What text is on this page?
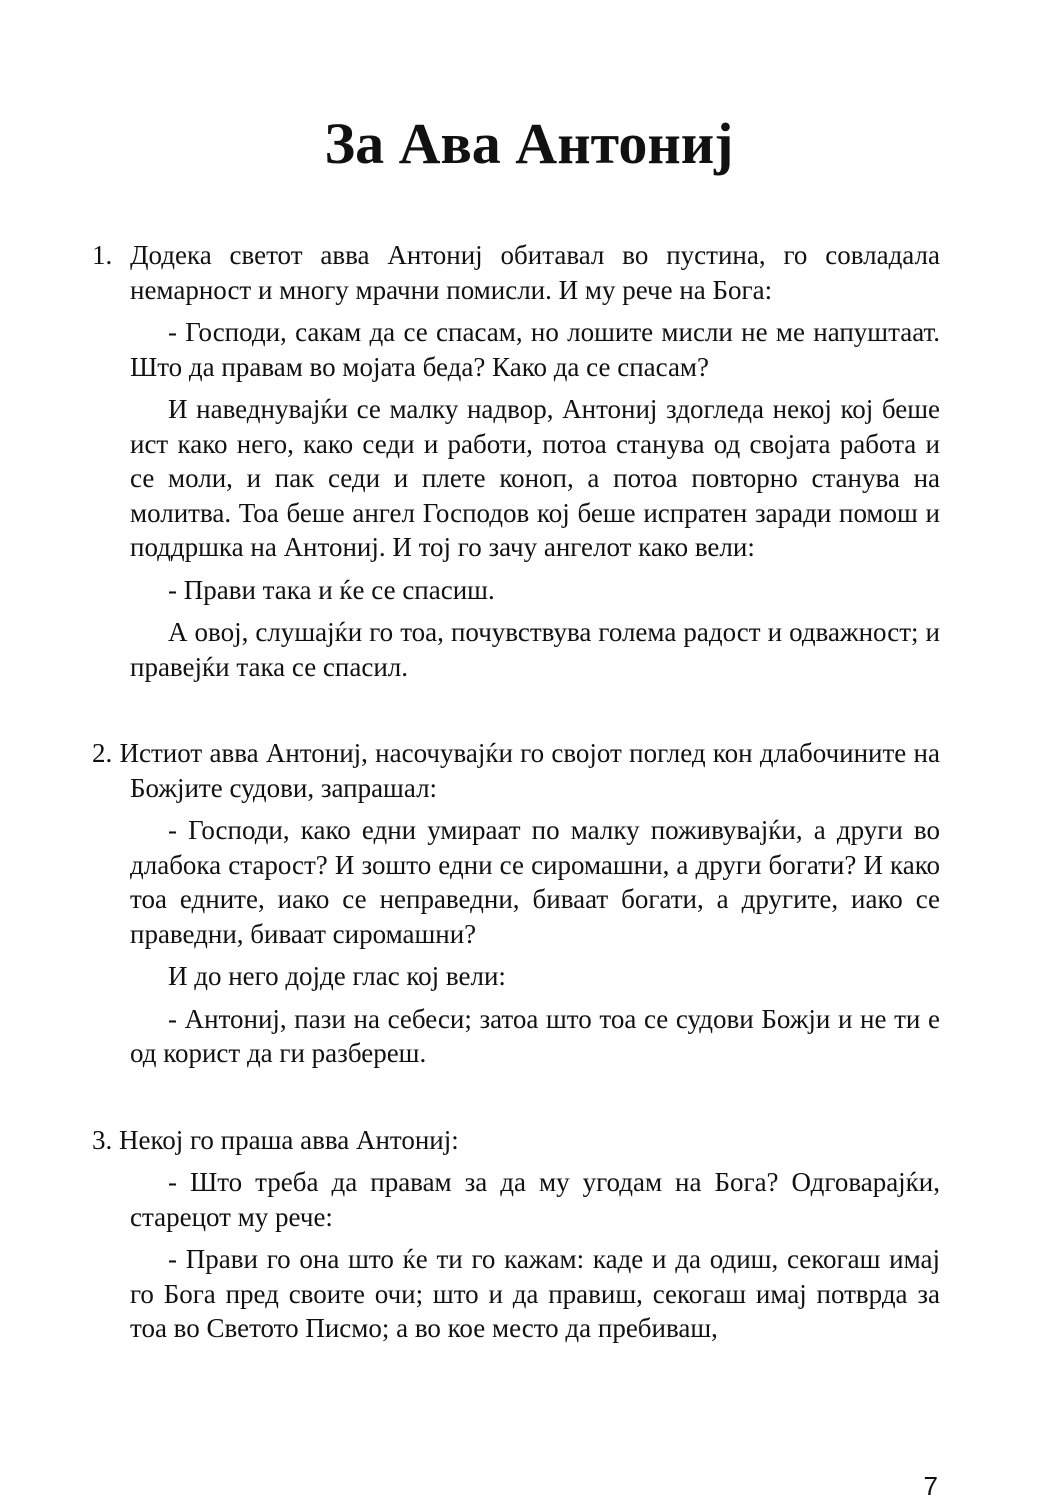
За Ава Антониј

1. Додека светот авва Антониј обитавал во пустина, го совладала немарност и многу мрачни помисли. И му рече на Бога:

- Господи, сакам да се спасам, но лошите мисли не ме напуштаат. Што да правам во мојата беда? Како да се спасам?

И наведнувајќи се малку надвор, Антониј здогледа некој кој беше ист како него, како седи и работи, потоа станува од својата работа и се моли, и пак седи и плете коноп, а потоа повторно станува на молитва. Тоа беше ангел Господов кој беше испратен заради помош и поддршка на Антониј. И тој го зачу ангелот како вели:

- Прави така и ќе се спасиш.

А овој, слушајќи го тоа, почувствува голема радост и одважност; и правејќи така се спасил.

2. Истиот авва Антониј, насочувајќи го својот поглед кон длабочините на Божјите судови, запрашал:

- Господи, како едни умираат по малку поживувајќи, а други во длабока старост? И зошто едни се сиромашни, а други богати? И како тоа едните, иако се неправедни, биваат богати, а другите, иако се праведни, биваат сиромашни?

И до него дојде глас кој вели:

- Антониј, пази на себеси; затоа што тоа се судови Божји и не ти е од корист да ги разбереш.

3. Некој го праша авва Антониј:

- Што треба да правам за да му угодам на Бога? Одговарајќи, старецот му рече:

- Прави го она што ќе ти го кажам: каде и да одиш, секогаш имај го Бога пред своите очи; што и да правиш, секогаш имај потврда за тоа во Светото Писмо; а во кое место да пребиваш,

7
